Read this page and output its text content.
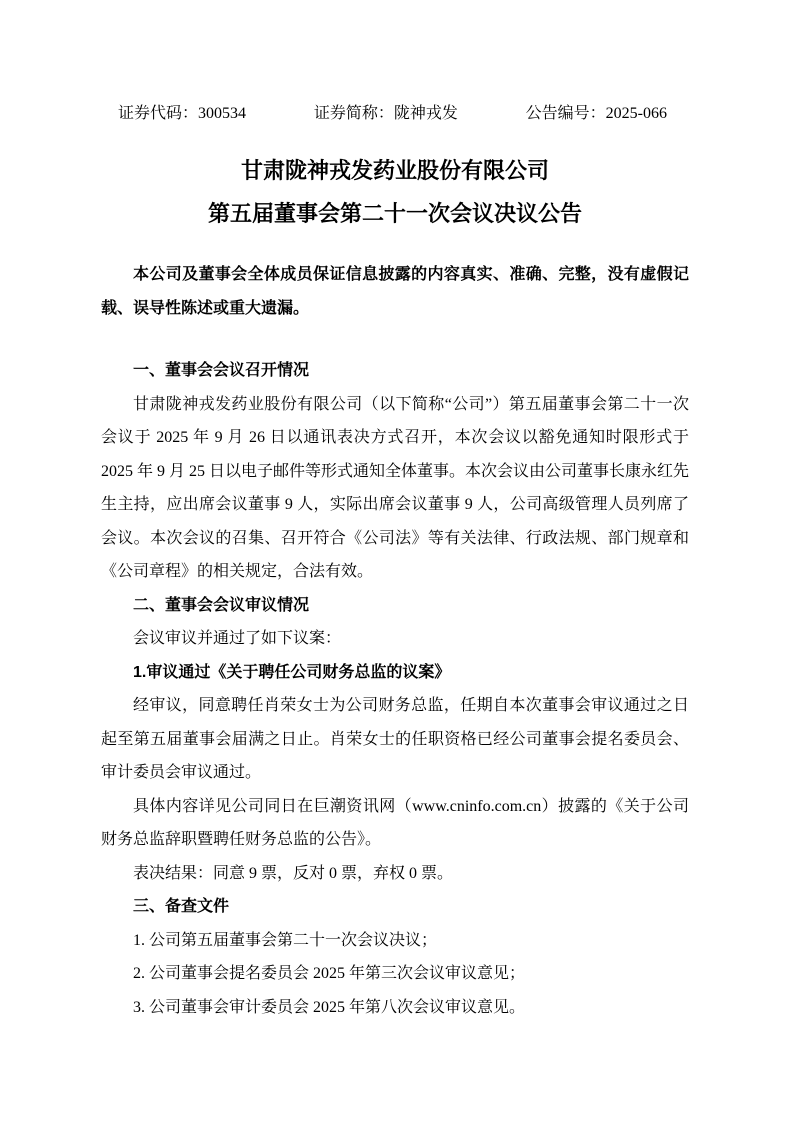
证券代码：300534	证券简称：陇神戎发	公告编号：2025-066
甘肃陇神戎发药业股份有限公司
第五届董事会第二十一次会议决议公告

本公司及董事会全体成员保证信息披露的内容真实、准确、完整，没有虚假记载、误导性陈述或重大遗漏。

一、董事会会议召开情况

甘肃陇神戎发药业股份有限公司（以下简称“公司”）第五届董事会第二十一次会议于 2025 年 9 月 26 日以通讯表决方式召开，本次会议以豁免通知时限形式于 2025 年 9 月 25 日以电子邮件等形式通知全体董事。本次会议由公司董事长康永红先生主持，应出席会议董事 9 人，实际出席会议董事 9 人，公司高级管理人员列席了会议。本次会议的召集、召开符合《公司法》等有关法律、行政法规、部门规章和《公司章程》的相关规定，合法有效。

二、董事会会议审议情况

会议审议并通过了如下议案：

1.审议通过《关于聘任公司财务总监的议案》

经审议，同意聘任肖荣女士为公司财务总监，任期自本次董事会审议通过之日起至第五届董事会届满之日止。肖荣女士的任职资格已经公司董事会提名委员会、审计委员会审议通过。

具体内容详见公司同日在巨潮资讯网（www.cninfo.com.cn）披露的《关于公司财务总监辞职暨聘任财务总监的公告》。

表决结果：同意 9 票，反对 0 票，弃权 0 票。

三、备查文件

1. 公司第五届董事会第二十一次会议决议；

2. 公司董事会提名委员会 2025 年第三次会议审议意见；

3. 公司董事会审计委员会 2025 年第八次会议审议意见。
